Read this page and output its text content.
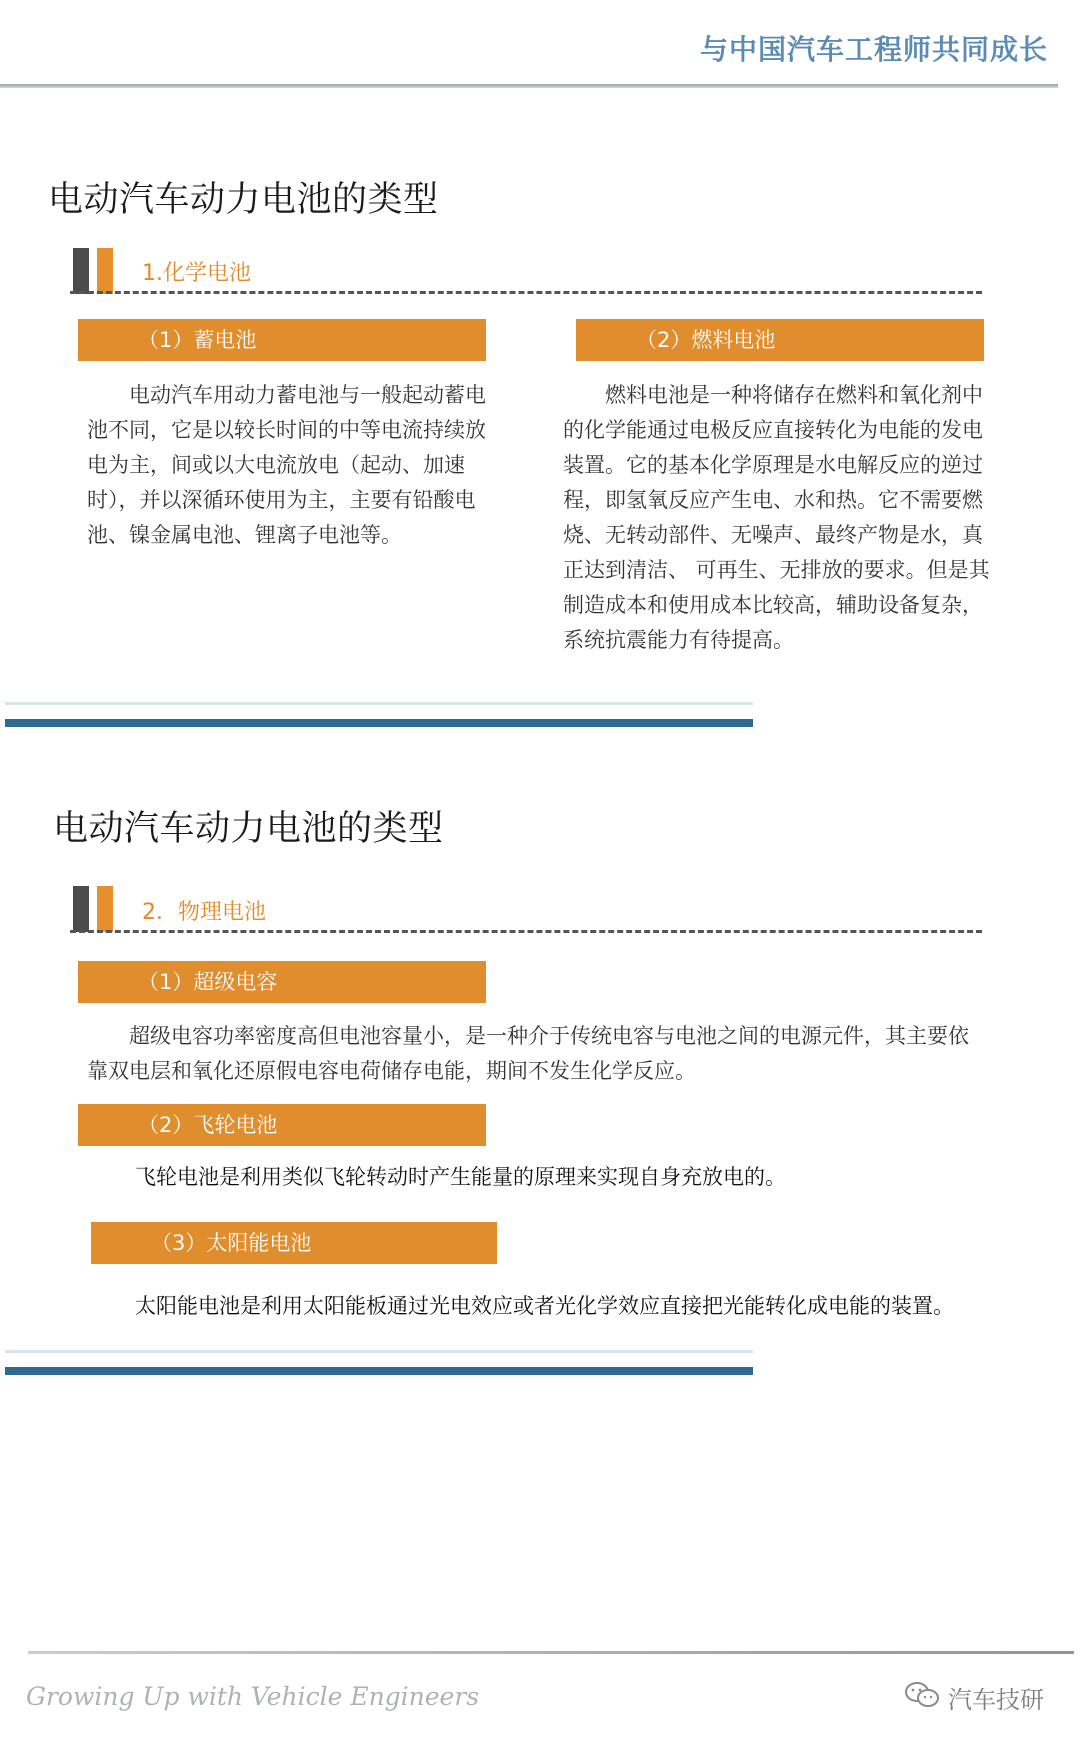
与中国汽车工程师共同成长
电动汽车动力电池的类型
1.化学电池
（1）蓄电池	（2）燃料电池
电动汽车用动力蓄电池与一般起动蓄电池不同，它是以较长时间的中等电流持续放电为主，间或以大电流放电（起动、加速时），并以深循环使用为主，主要有铅酸电池、镍金属电池、锂离子电池等。
燃料电池是一种将储存在燃料和氧化剂中的化学能通过电极反应直接转化为电能的发电装置。它的基本化学原理是水电解反应的逆过程，即氢氧反应产生电、水和热。它不需要燃烧、无转动部件、无噪声、最终产物是水，真正达到清洁、 可再生、无排放的要求。但是其制造成本和使用成本比较高，辅助设备复杂，系统抗震能力有待提高。
电动汽车动力电池的类型
2．物理电池
（1）超级电容
超级电容功率密度高但电池容量小，是一种介于传统电容与电池之间的电源元件，其主要依靠双电层和氧化还原假电容电荷储存电能，期间不发生化学反应。
（2）飞轮电池
飞轮电池是利用类似飞轮转动时产生能量的原理来实现自身充放电的。
（3）太阳能电池
太阳能电池是利用太阳能板通过光电效应或者光化学效应直接把光能转化成电能的装置。
Growing Up with Vehicle Engineers	汽车技研
